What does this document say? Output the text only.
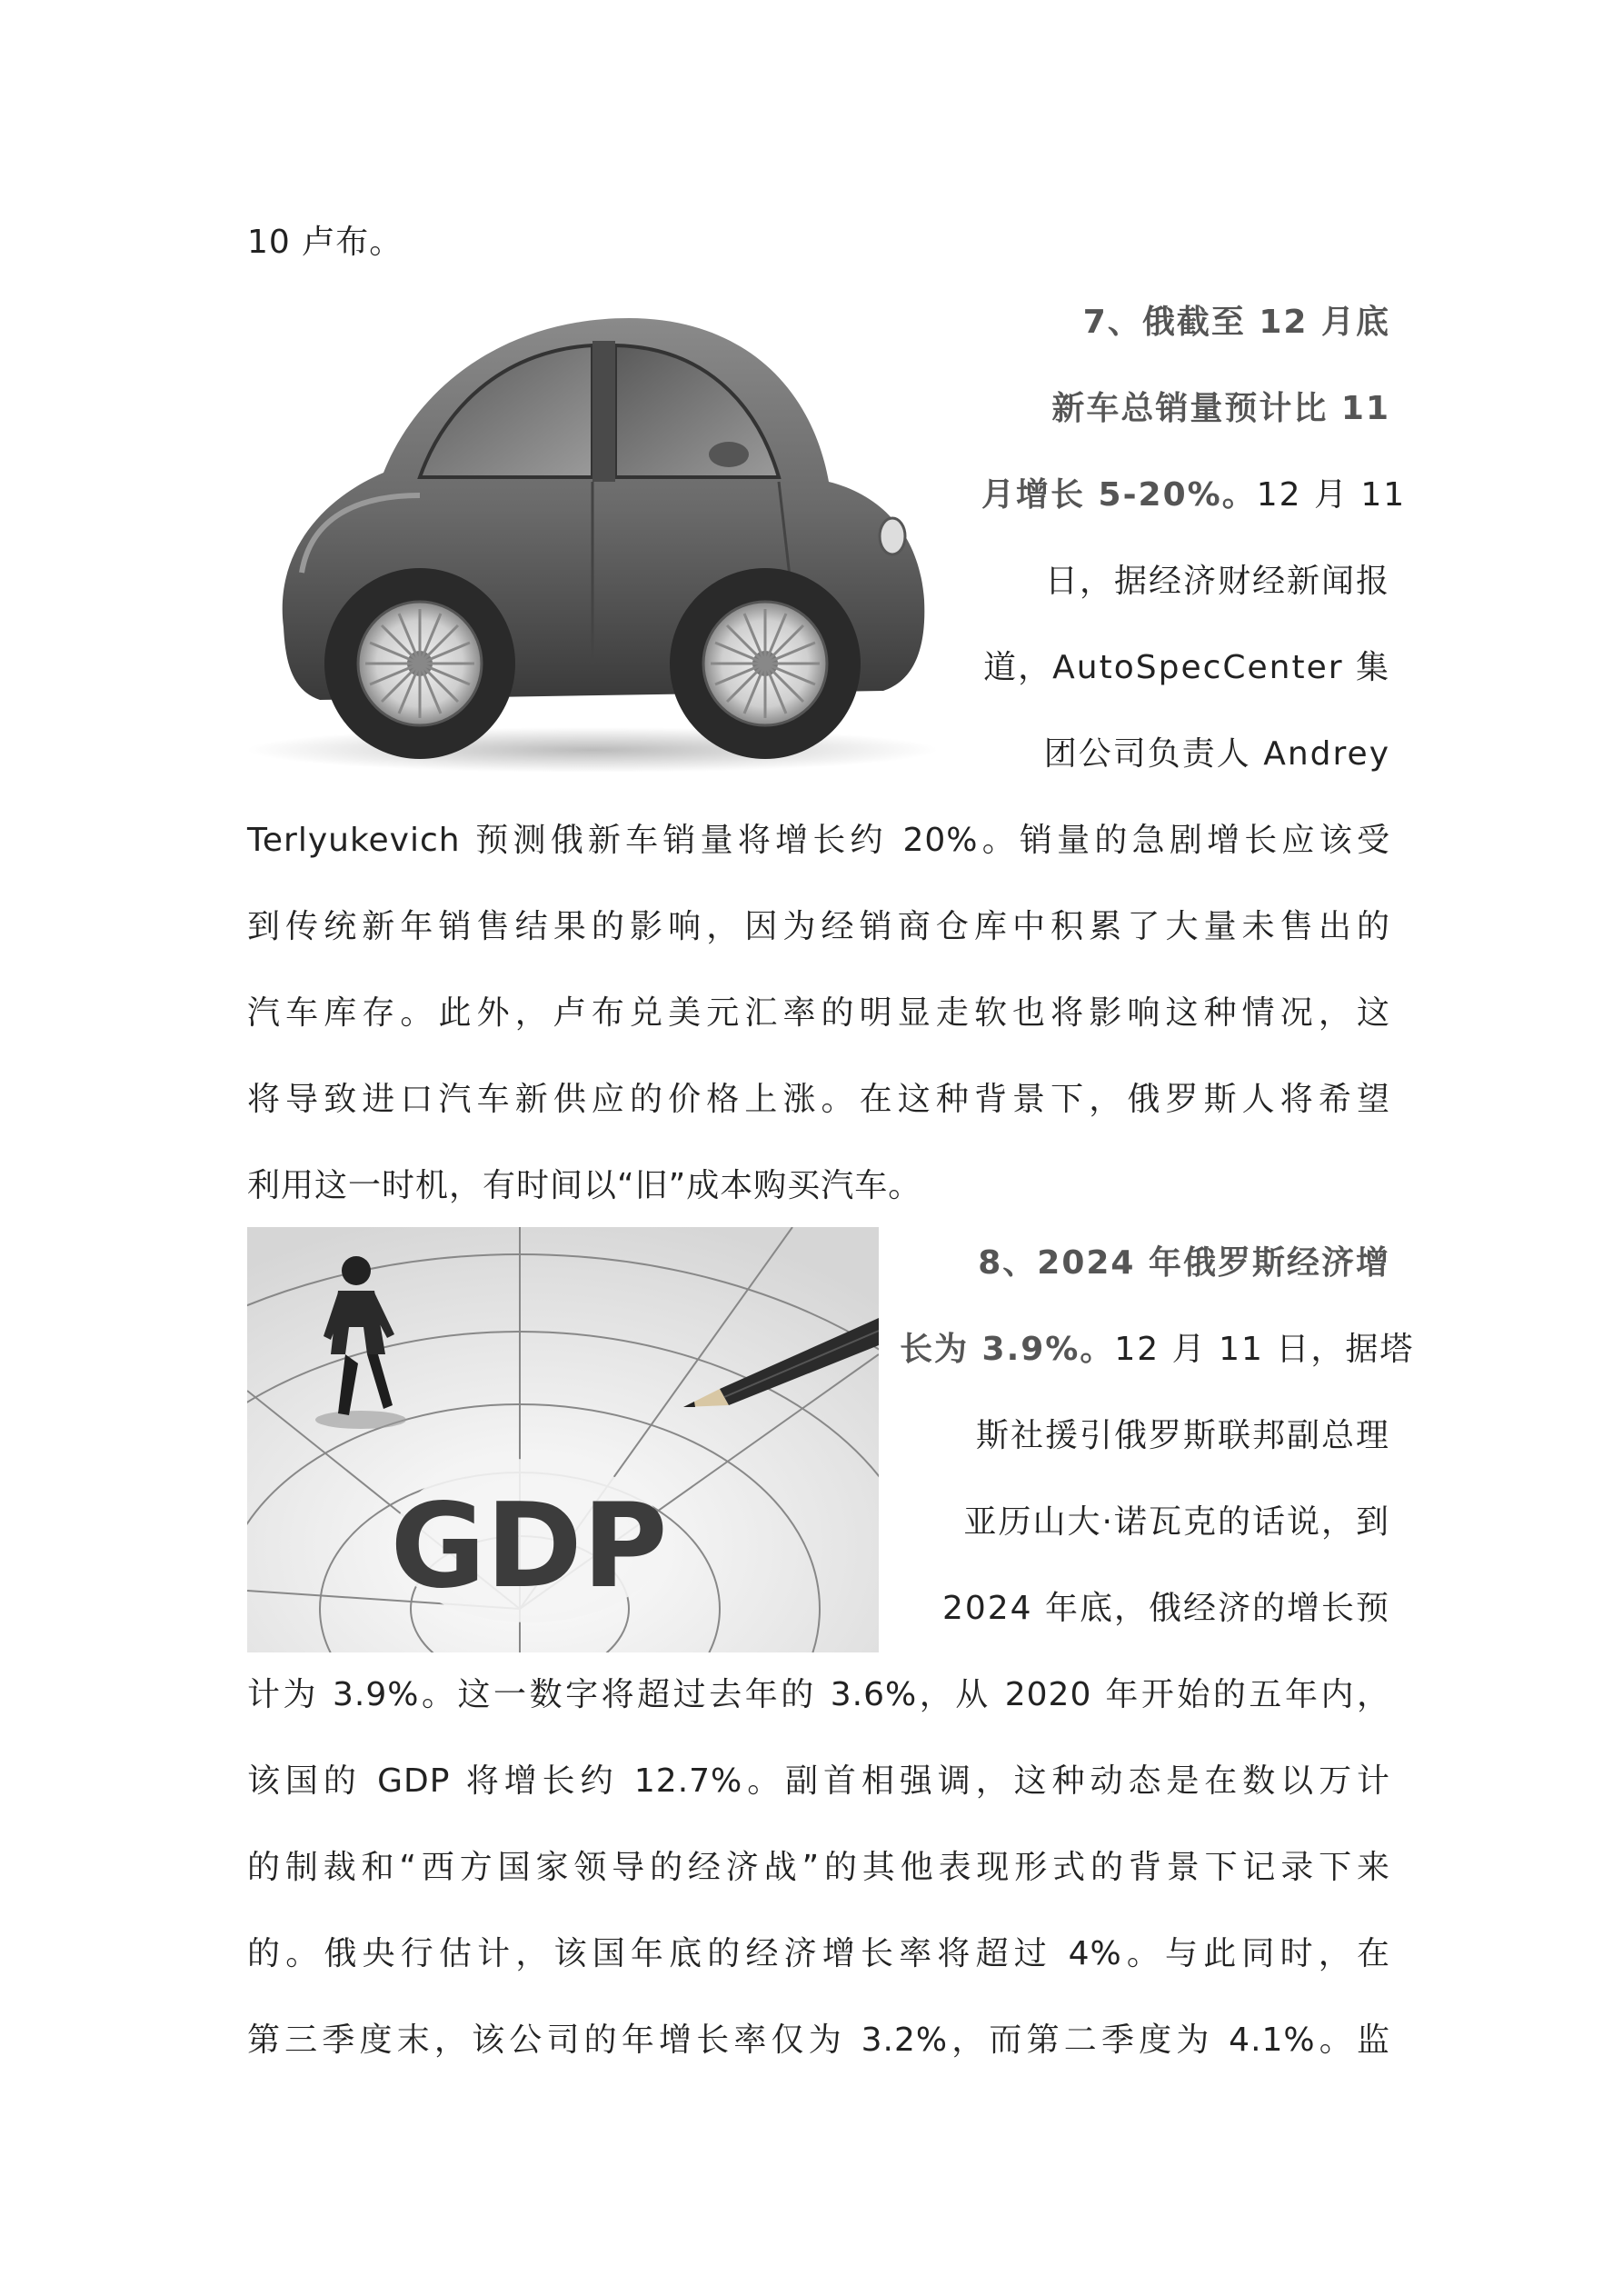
10 卢布。
7、俄截至 12 月底
新车总销量预计比 11
月增长 5-20%。12 月 11
日，据经济财经新闻报
道，AutoSpecCenter 集
团公司负责人 Andrey
Terlyukevich 预测俄新车销量将增长约 20%。销量的急剧增长应该受
到传统新年销售结果的影响，因为经销商仓库中积累了大量未售出的
汽车库存。此外，卢布兑美元汇率的明显走软也将影响这种情况，这
将导致进口汽车新供应的价格上涨。在这种背景下，俄罗斯人将希望
利用这一时机，有时间以“旧”成本购买汽车。
GDP
8、2024 年俄罗斯经济增
长为 3.9%。12 月 11 日，据塔
斯社援引俄罗斯联邦副总理
亚历山大·诺瓦克的话说，到
2024 年底，俄经济的增长预
计为 3.9%。这一数字将超过去年的 3.6%，从 2020 年开始的五年内，
该国的 GDP 将增长约 12.7%。副首相强调，这种动态是在数以万计
的制裁和“西方国家领导的经济战”的其他表现形式的背景下记录下来
的。俄央行估计，该国年底的经济增长率将超过 4%。与此同时，在
第三季度末，该公司的年增长率仅为 3.2%，而第二季度为 4.1%。监
